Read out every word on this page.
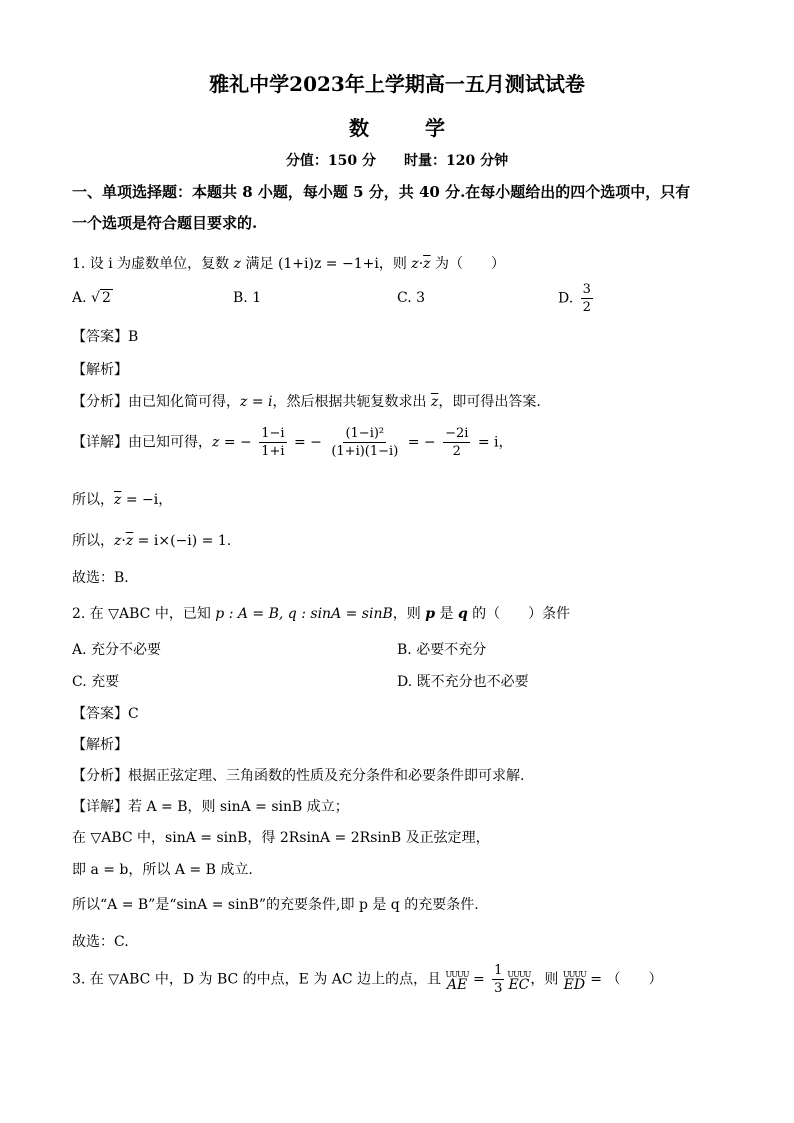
雅礼中学2023年上学期高一五月测试试卷
数　学
分值：150 分 时量：120 分钟
一、单项选择题：本题共 8 小题，每小题 5 分，共 40 分.在每小题给出的四个选项中，只有
一个选项是符合题目要求的.
1. 设 i 为虚数单位，复数 z 满足 (1+i)z = −1+i，则 $z\cdot\overline{z}$ 为（　　）
A. √ 2	B. 1	C. 3	D. $\frac{3}{2}$
【答案】B
【解析】
【分析】由已知化简可得，z = i，然后根据共轭复数求出 $\overline{z}$，即可得出答案.
【详解】由已知可得，z = − $\frac{1-i}{1+i}$ = − $\frac{\text{(1−i)²}}{(1+i)(1-i)}$ = − $\frac{-2i}{2} = i$，
所以，$\overline{z} = -i$，
所以，$z\cdot\overline{z} = i\times(-i) = 1$.
故选：B.
2. 在 ▽ABC 中，已知 p : A = B, q : sinA = sinB，则 p 是 q 的（　　）条件
A. 充分不必要	B. 必要不充分
C. 充要	D. 既不充分也不必要
【答案】C
【解析】
【分析】根据正弦定理、三角函数的性质及充分条件和必要条件即可求解.
【详解】若 A = B，则 sinA = sinB 成立；
在 ▽ABC 中，sinA = sinB，得 2RsinA = 2RsinB 及正弦定理，
即 a = b，所以 A = B 成立.
所以“A = B”是“sinA = sinB”的充要条件,即 p 是 q 的充要条件.
故选：C.
3. 在 ▽ABC 中，D 为 BC 的中点，E 为 AC 边上的点，且 UUUU
AE = $\frac{1}{3}$ UUUU
EC ，则 UUUU
ED = （　　）
